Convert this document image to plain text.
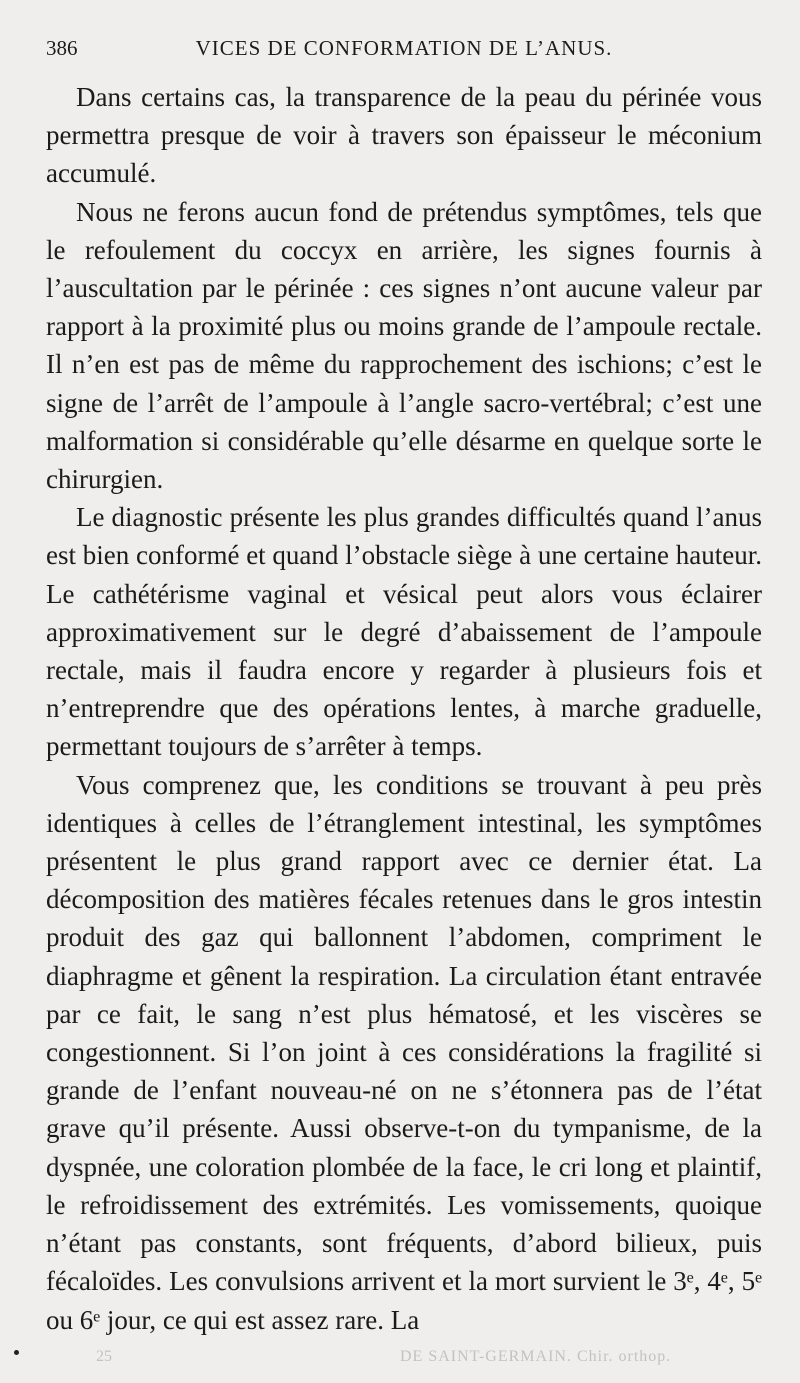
386	VICES DE CONFORMATION DE L’ANUS.

Dans certains cas, la transparence de la peau du périnée vous permettra presque de voir à travers son épaisseur le méconium accumulé.

Nous ne ferons aucun fond de prétendus symptômes, tels que le refoulement du coccyx en arrière, les signes fournis à l’auscultation par le périnée : ces signes n’ont aucune valeur par rapport à la proximité plus ou moins grande de l’ampoule rectale. Il n’en est pas de même du rapprochement des ischions; c’est le signe de l’arrêt de l’ampoule à l’angle sacro-vertébral; c’est une malformation si considérable qu’elle désarme en quelque sorte le chirurgien.

Le diagnostic présente les plus grandes difficultés quand l’anus est bien conformé et quand l’obstacle siège à une certaine hauteur. Le cathétérisme vaginal et vésical peut alors vous éclairer approximativement sur le degré d’abaissement de l’ampoule rectale, mais il faudra encore y regarder à plusieurs fois et n’entreprendre que des opérations lentes, à marche graduelle, permettant toujours de s’arrêter à temps.

Vous comprenez que, les conditions se trouvant à peu près identiques à celles de l’étranglement intestinal, les symptômes présentent le plus grand rapport avec ce dernier état. La décomposition des matières fécales retenues dans le gros intestin produit des gaz qui ballonnent l’abdomen, compriment le diaphragme et gênent la respiration. La circulation étant entravée par ce fait, le sang n’est plus hématosé, et les viscères se congestionnent. Si l’on joint à ces considérations la fragilité si grande de l’enfant nouveau-né on ne s’étonnera pas de l’état grave qu’il présente. Aussi observe-t-on du tympanisme, de la dyspnée, une coloration plombée de la face, le cri long et plaintif, le refroidissement des extrémités. Les vomissements, quoique n’étant pas constants, sont fréquents, d’abord bilieux, puis fécaloïdes. Les convulsions arrivent et la mort survient le 3ᵉ, 4ᵉ, 5ᵉ ou 6ᵉ jour, ce qui est assez rare. La

25	DE SAINT-GERMAIN. Chir. orthop.
